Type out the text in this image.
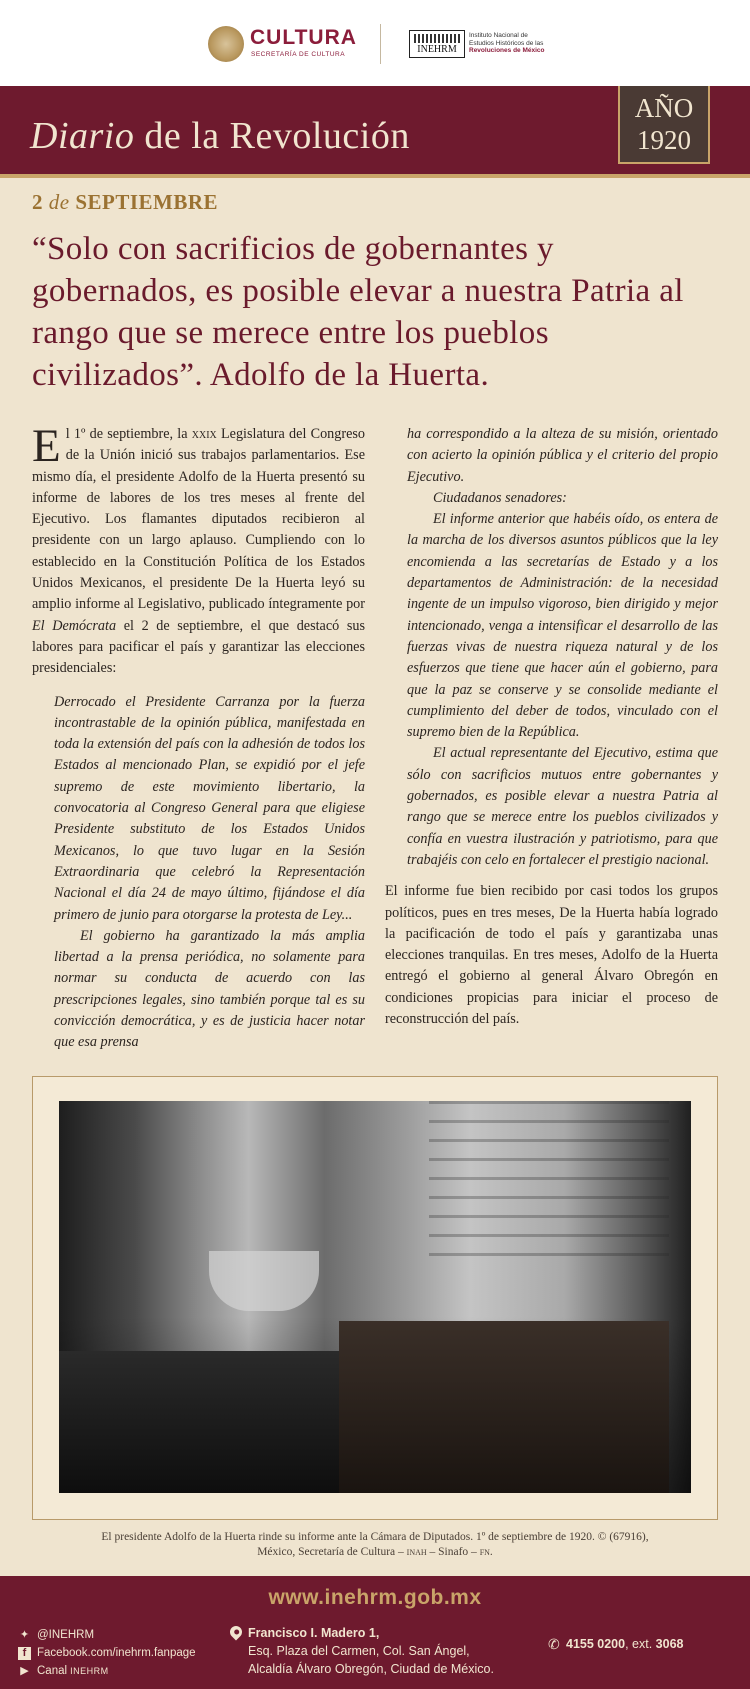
CULTURA
SECRETARÍA DE CULTURA	INEHRM
Instituto Nacional de
Estudios Históricos de las
Revoluciones de México
Diario de la Revolución
AÑO
1920
2 de SEPTIEMBRE
“Solo con sacrificios de gobernantes y gobernados, es posible elevar a nuestra Patria al rango que se merece entre los pueblos civilizados”. Adolfo de la Huerta.

El 1º de septiembre, la xxix Legislatura del Congreso de la Unión inició sus trabajos parlamentarios. Ese mismo día, el presidente Adolfo de la Huerta presentó su informe de labores de los tres meses al frente del Ejecutivo. Los flamantes diputados recibieron al presidente con un largo aplauso. Cumpliendo con lo establecido en la Constitución Política de los Estados Unidos Mexicanos, el presidente De la Huerta leyó su amplio informe al Legislativo, publicado íntegramente por El Demócrata el 2 de septiembre, el que destacó sus labores para pacificar el país y garantizar las elecciones presidenciales:

Derrocado el Presidente Carranza por la fuerza incontrastable de la opinión pública, manifestada en toda la extensión del país con la adhesión de todos los Estados al mencionado Plan, se expidió por el jefe supremo de este movimiento libertario, la convocatoria al Congreso General para que eligiese Presidente substituto de los Estados Unidos Mexicanos, lo que tuvo lugar en la Sesión Extraordinaria que celebró la Representación Nacional el día 24 de mayo último, fijándose el día primero de junio para otorgarse la protesta de Ley...

El gobierno ha garantizado la más amplia libertad a la prensa periódica, no solamente para normar su conducta de acuerdo con las prescripciones legales, sino también porque tal es su convicción democrática, y es de justicia hacer notar que esa prensa

ha correspondido a la alteza de su misión, orientado con acierto la opinión pública y el criterio del propio Ejecutivo.

Ciudadanos senadores:

El informe anterior que habéis oído, os entera de la marcha de los diversos asuntos públicos que la ley encomienda a las secretarías de Estado y a los departamentos de Administración: de la necesidad ingente de un impulso vigoroso, bien dirigido y mejor intencionado, venga a intensificar el desarrollo de las fuerzas vivas de nuestra riqueza natural y de los esfuerzos que tiene que hacer aún el gobierno, para que la paz se conserve y se consolide mediante el cumplimiento del deber de todos, vinculado con el supremo bien de la República.

El actual representante del Ejecutivo, estima que sólo con sacrificios mutuos entre gobernantes y gobernados, es posible elevar a nuestra Patria al rango que se merece entre los pueblos civilizados y confía en vuestra ilustración y patriotismo, para que trabajéis con celo en fortalecer el prestigio nacional.

El informe fue bien recibido por casi todos los grupos políticos, pues en tres meses, De la Huerta había logrado la pacificación de todo el país y garantizaba unas elecciones tranquilas. En tres meses, Adolfo de la Huerta entregó el gobierno al general Álvaro Obregón en condiciones propicias para iniciar el proceso de reconstrucción del país.

El presidente Adolfo de la Huerta rinde su informe ante la Cámara de Diputados. 1º de septiembre de 1920. © (67916),
México, Secretaría de Cultura – inah – Sinafo – fn.
www.inehrm.gob.mx
✦ @INEHRM
f Facebook.com/inehrm.fanpage
▶ Canal INEHRM
Francisco I. Madero 1,
Esq. Plaza del Carmen, Col. San Ángel,
Alcaldía Álvaro Obregón, Ciudad de México.
✆ 4155 0200, ext. 3068
